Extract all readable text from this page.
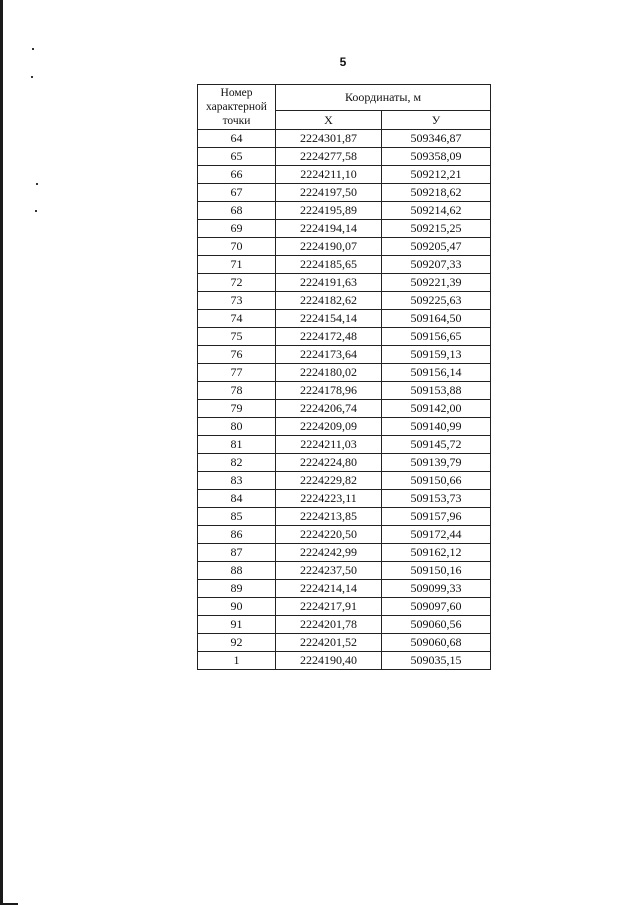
5
Номер характерной точки	Координаты, м	
	X	У
64	2224301,87	509346,87
65	2224277,58	509358,09
66	2224211,10	509212,21
67	2224197,50	509218,62
68	2224195,89	509214,62
69	2224194,14	509215,25
70	2224190,07	509205,47
71	2224185,65	509207,33
72	2224191,63	509221,39
73	2224182,62	509225,63
74	2224154,14	509164,50
75	2224172,48	509156,65
76	2224173,64	509159,13
77	2224180,02	509156,14
78	2224178,96	509153,88
79	2224206,74	509142,00
80	2224209,09	509140,99
81	2224211,03	509145,72
82	2224224,80	509139,79
83	2224229,82	509150,66
84	2224223,11	509153,73
85	2224213,85	509157,96
86	2224220,50	509172,44
87	2224242,99	509162,12
88	2224237,50	509150,16
89	2224214,14	509099,33
90	2224217,91	509097,60
91	2224201,78	509060,56
92	2224201,52	509060,68
1	2224190,40	509035,15
